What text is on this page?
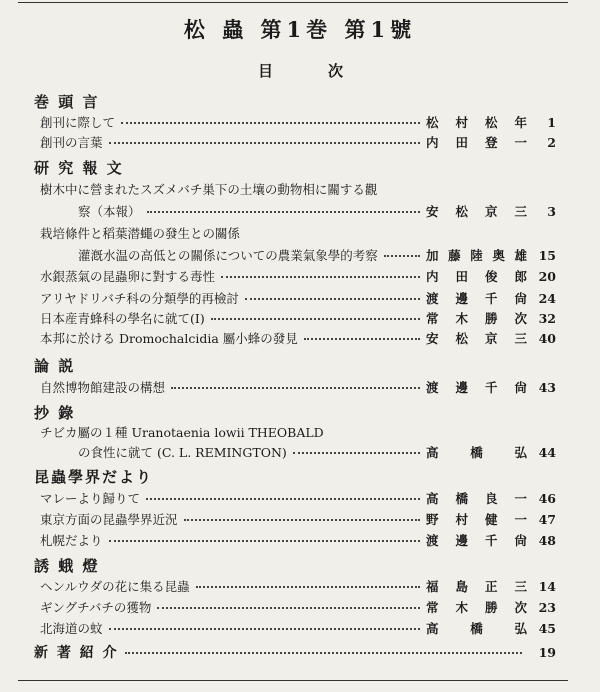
松 蟲 第1巻 第1號
目	次
巻 頭 言
創刊に際して	松村松年	1
創刊の言葉	内田登一	2
研 究 報 文
樹木中に營まれたスズメバチ巣下の土壤の動物相に關する觀
察（本報）	安松京三	3
栽培條件と稻葉潜蠅の發生との關係
灌漑水温の高低との關係についての農業氣象學的考察	加藤陸奥雄 15
水銀蒸氣の昆蟲卵に對する毒性	内田俊郎 20
アリヤドリバチ科の分類學的再檢討	渡邊千尙 24
日本産青蜂科の學名に就て(I)	常木勝次 32
本邦に於ける Dromochalcidia 屬小蜂の發見	安松京三 40
論 説
自然博物館建設の構想	渡邊千尙 43
抄 錄
チビカ屬の１種 Uranotaenia lowii THEOBALD
の食性に就て (C. L. REMINGTON)	高橋弘 44
昆蟲學界だより
マレーより歸りて	高橋良一 46
東京方面の昆蟲學界近況	野村健一 47
札幌だより	渡邊千尙 48
誘 蛾 燈
ヘンルウダの花に集る昆蟲	福島正三 14
ギングチバチの獲物	常木勝次 23
北海道の蚊	高橋弘 45
新 著 紹 介	19
